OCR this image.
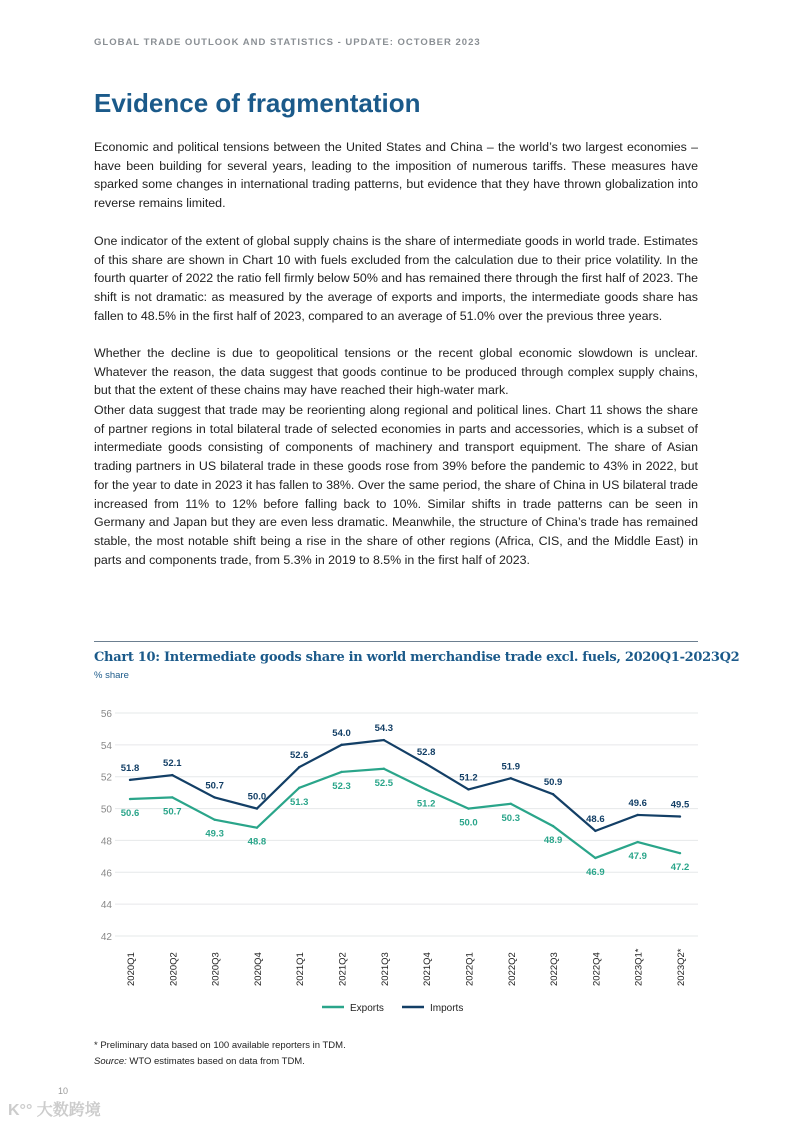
GLOBAL TRADE OUTLOOK AND STATISTICS - UPDATE: OCTOBER 2023
Evidence of fragmentation

Economic and political tensions between the United States and China – the world’s two largest economies – have been building for several years, leading to the imposition of numerous tariffs. These measures have sparked some changes in international trading patterns, but evidence that they have thrown globalization into reverse remains limited.

One indicator of the extent of global supply chains is the share of intermediate goods in world trade. Estimates of this share are shown in Chart 10 with fuels excluded from the calculation due to their price volatility. In the fourth quarter of 2022 the ratio fell firmly below 50% and has remained there through the first half of 2023. The shift is not dramatic: as measured by the average of exports and imports, the intermediate goods share has fallen to 48.5% in the first half of 2023, compared to an average of 51.0% over the previous three years.

Whether the decline is due to geopolitical tensions or the recent global economic slowdown is unclear. Whatever the reason, the data suggest that goods continue to be produced through complex supply chains, but that the extent of these chains may have reached their high-water mark.

Other data suggest that trade may be reorienting along regional and political lines. Chart 11 shows the share of partner regions in total bilateral trade of selected economies in parts and accessories, which is a subset of intermediate goods consisting of components of machinery and transport equipment. The share of Asian trading partners in US bilateral trade in these goods rose from 39% before the pandemic to 43% in 2022, but for the year to date in 2023 it has fallen to 38%. Over the same period, the share of China in US bilateral trade increased from 11% to 12% before falling back to 10%. Similar shifts in trade patterns can be seen in Germany and Japan but they are even less dramatic. Meanwhile, the structure of China’s trade has remained stable, the most notable shift being a rise in the share of other regions (Africa, CIS, and the Middle East) in parts and components trade, from 5.3% in 2019 to 8.5% in the first half of 2023.

Chart 10: Intermediate goods share in world merchandise trade excl. fuels, 2020Q1-2023Q2
% share
42
44
46
48
50
52
54
56
2020Q1	2020Q2	2020Q3	2020Q4	2021Q1	2021Q2	2021Q3	2021Q4	2022Q1	2022Q2	2022Q3	2022Q4	2023Q1*	2023Q2*
50.6	50.7
49.3
48.8
51.3
52.3	52.5
51.2
50.0	50.3
48.9
46.9
47.9
47.2
51.8	52.1
50.7
50.0
52.6
54.0	54.3
52.8
51.2
51.9
50.9
48.6
49.6	49.5
Exports	Imports
* Preliminary data based on 100 available reporters in TDM.
Source: WTO estimates based on data from TDM.
10
K°° 大数跨境
